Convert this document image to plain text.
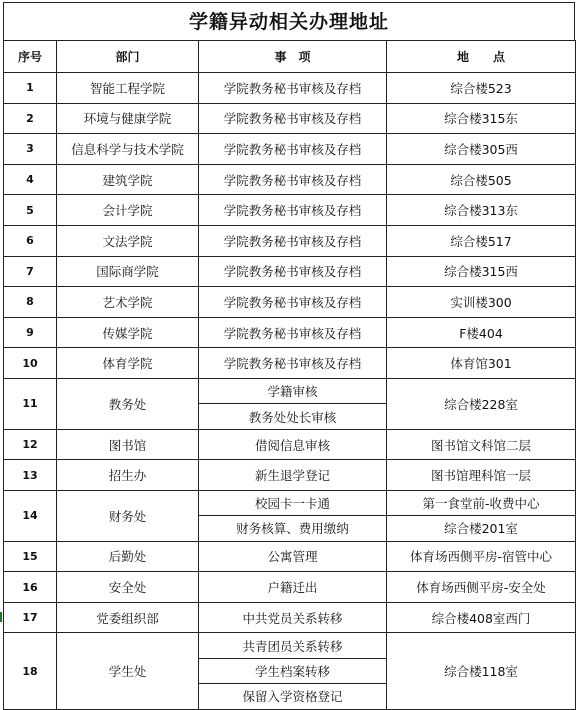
学籍异动相关办理地址
序号	部门	事　项	地　　点
1	智能工程学院	学院教务秘书审核及存档	综合楼523
2	环境与健康学院	学院教务秘书审核及存档	综合楼315东
3	信息科学与技术学院	学院教务秘书审核及存档	综合楼305西
4	建筑学院	学院教务秘书审核及存档	综合楼505
5	会计学院	学院教务秘书审核及存档	综合楼313东
6	文法学院	学院教务秘书审核及存档	综合楼517
7	国际商学院	学院教务秘书审核及存档	综合楼315西
8	艺术学院	学院教务秘书审核及存档	实训楼300
9	传媒学院	学院教务秘书审核及存档	F楼404
10	体育学院	学院教务秘书审核及存档	体育馆301
11	教务处	学籍审核	综合楼228室
		教务处处长审核	
12	图书馆	借阅信息审核	图书馆文科馆二层
13	招生办	新生退学登记	图书馆理科馆一层
14	财务处	校园卡一卡通	第一食堂前-收费中心
		财务核算、费用缴纳	综合楼201室
15	后勤处	公寓管理	体育场西侧平房-宿管中心
16	安全处	户籍迁出	体育场西侧平房-安全处
17	党委组织部	中共党员关系转移	综合楼408室西门
18	学生处	共青团员关系转移	综合楼118室
		学生档案转移	
		保留入学资格登记	
